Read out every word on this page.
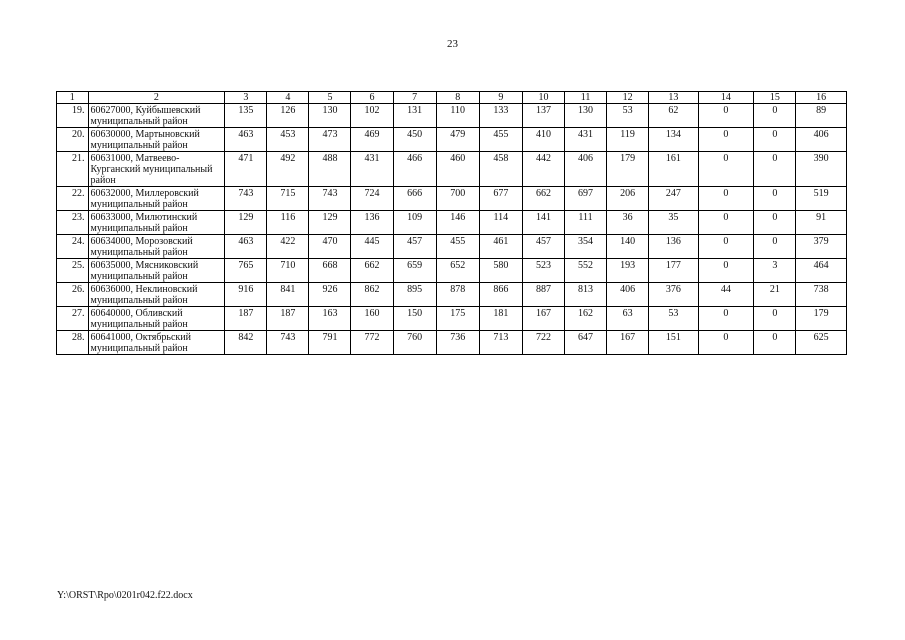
23
1	2	3	4	5	6	7	8	9	10	11	12	13	14	15	16
19.	60627000, Куйбышевский муниципальный район	135	126	130	102	131	110	133	137	130	53	62	0	0	89
20.	60630000, Мартыновский муниципальный район	463	453	473	469	450	479	455	410	431	119	134	0	0	406
21.	60631000, Матвеево-Курганский муниципальный район	471	492	488	431	466	460	458	442	406	179	161	0	0	390
22.	60632000, Миллеровский муниципальный район	743	715	743	724	666	700	677	662	697	206	247	0	0	519
23.	60633000, Милютинский муниципальный район	129	116	129	136	109	146	114	141	111	36	35	0	0	91
24.	60634000, Морозовский муниципальный район	463	422	470	445	457	455	461	457	354	140	136	0	0	379
25.	60635000, Мясниковский муниципальный район	765	710	668	662	659	652	580	523	552	193	177	0	3	464
26.	60636000, Неклиновский муниципальный район	916	841	926	862	895	878	866	887	813	406	376	44	21	738
27.	60640000, Обливский муниципальный район	187	187	163	160	150	175	181	167	162	63	53	0	0	179
28.	60641000, Октябрьский муниципальный район	842	743	791	772	760	736	713	722	647	167	151	0	0	625
Y:\ORST\Rpo\0201r042.f22.docx
